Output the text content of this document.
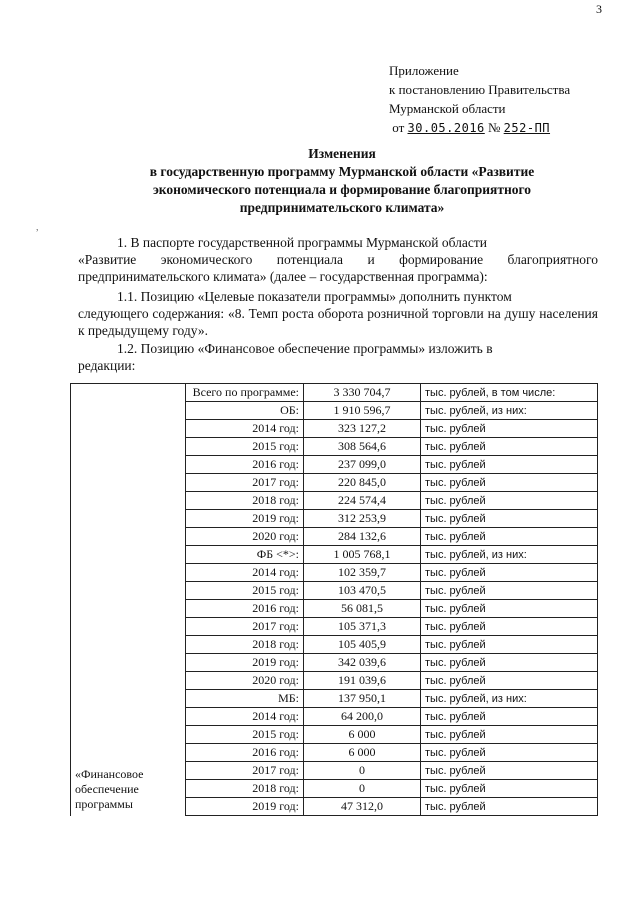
3
Приложение
к постановлению Правительства
Мурманской области
от 30.05.2016 № 252-ПП
Изменения
в государственную программу Мурманской области «Развитие
экономического потенциала и формирование благоприятного
предпринимательского климата»
,

1. В паспорте государственной программы Мурманской области

«Развитие экономического потенциала и формирование благоприятного предпринимательского климата» (далее – государственная программа):

1.1. Позицию «Целевые показатели программы» дополнить пунктом

следующего содержания: «8. Темп роста оборота розничной торговли на душу населения к предыдущему году».

1.2. Позицию «Финансовое обеспечение программы» изложить в

редакции:

«Финансовое
обеспечение
программы	Всего по программе:	3 330 704,7	тыс. рублей, в том числе:
	ОБ:	1 910 596,7	тыс. рублей, из них:
	2014 год:	323 127,2	тыс. рублей
	2015 год:	308 564,6	тыс. рублей
	2016 год:	237 099,0	тыс. рублей
	2017 год:	220 845,0	тыс. рублей
	2018 год:	224 574,4	тыс. рублей
	2019 год:	312 253,9	тыс. рублей
	2020 год:	284 132,6	тыс. рублей
	ФБ <*>:	1 005 768,1	тыс. рублей, из них:
	2014 год:	102 359,7	тыс. рублей
	2015 год:	103 470,5	тыс. рублей
	2016 год:	56 081,5	тыс. рублей
	2017 год:	105 371,3	тыс. рублей
	2018 год:	105 405,9	тыс. рублей
	2019 год:	342 039,6	тыс. рублей
	2020 год:	191 039,6	тыс. рублей
	МБ:	137 950,1	тыс. рублей, из них:
	2014 год:	64 200,0	тыс. рублей
	2015 год:	6 000	тыс. рублей
	2016 год:	6 000	тыс. рублей
	2017 год:	0	тыс. рублей
	2018 год:	0	тыс. рублей
	2019 год:	47 312,0	тыс. рублей
